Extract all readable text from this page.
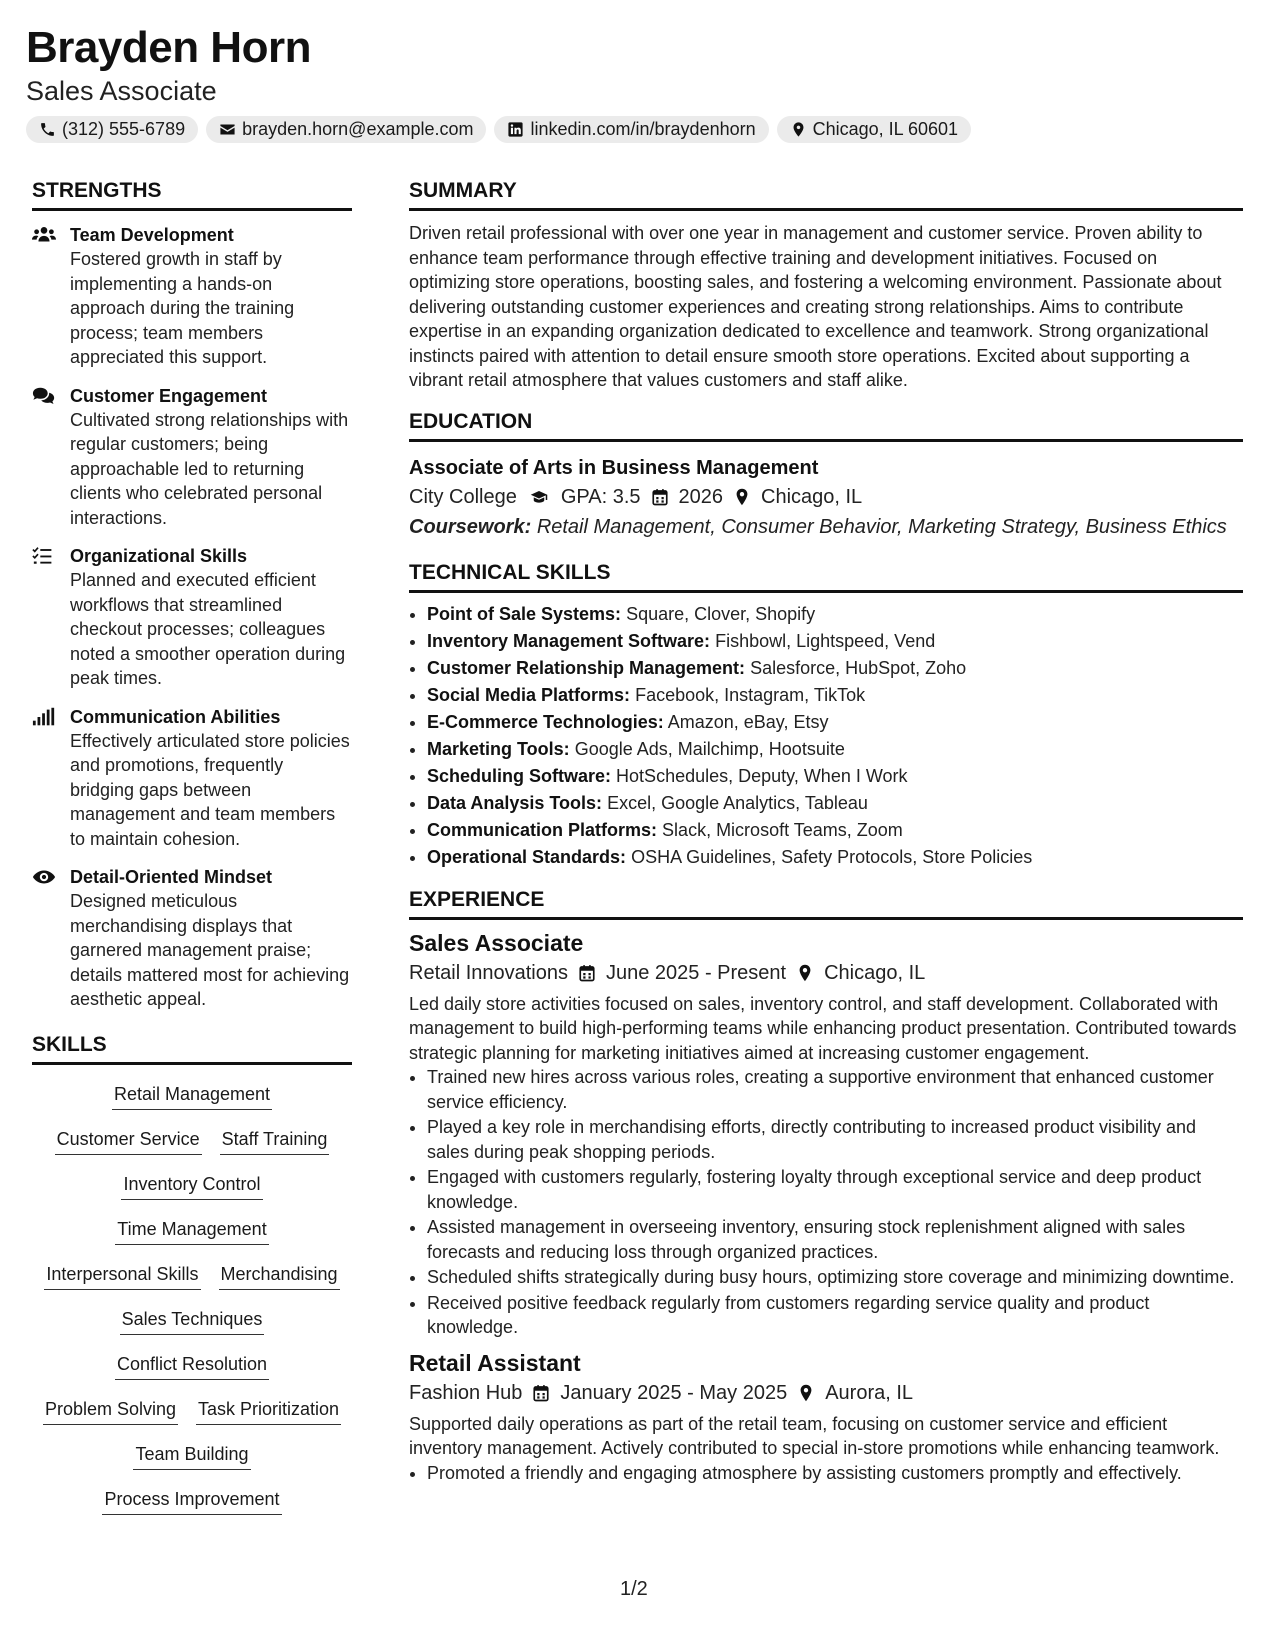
Brayden Horn
Sales Associate
(312) 555-6789	brayden.horn@example.com	linkedin.com/in/braydenhorn	Chicago, IL 60601
STRENGTHS
Team Development
Fostered growth in staff by implementing a hands-on approach during the training process; team members appreciated this support.
Customer Engagement
Cultivated strong relationships with regular customers; being approachable led to returning clients who celebrated personal interactions.
Organizational Skills
Planned and executed efficient workflows that streamlined checkout processes; colleagues noted a smoother operation during peak times.
Communication Abilities
Effectively articulated store policies and promotions, frequently bridging gaps between management and team members to maintain cohesion.
Detail-Oriented Mindset
Designed meticulous merchandising displays that garnered management praise; details mattered most for achieving aesthetic appeal.
SKILLS
Retail Management
Customer Service Staff Training
Inventory Control
Time Management
Interpersonal Skills Merchandising
Sales Techniques
Conflict Resolution
Problem Solving Task Prioritization
Team Building
Process Improvement
SUMMARY
Driven retail professional with over one year in management and customer service. Proven ability to enhance team performance through effective training and development initiatives. Focused on optimizing store operations, boosting sales, and fostering a welcoming environment. Passionate about delivering outstanding customer experiences and creating strong relationships. Aims to contribute expertise in an expanding organization dedicated to excellence and teamwork. Strong organizational instincts paired with attention to detail ensure smooth store operations. Excited about supporting a vibrant retail atmosphere that values customers and staff alike.
EDUCATION
Associate of Arts in Business Management
City College GPA: 3.5 2026 Chicago, IL
Coursework: Retail Management, Consumer Behavior, Marketing Strategy, Business Ethics
TECHNICAL SKILLS
• Point of Sale Systems: Square, Clover, Shopify
• Inventory Management Software: Fishbowl, Lightspeed, Vend
• Customer Relationship Management: Salesforce, HubSpot, Zoho
• Social Media Platforms: Facebook, Instagram, TikTok
• E-Commerce Technologies: Amazon, eBay, Etsy
• Marketing Tools: Google Ads, Mailchimp, Hootsuite
• Scheduling Software: HotSchedules, Deputy, When I Work
• Data Analysis Tools: Excel, Google Analytics, Tableau
• Communication Platforms: Slack, Microsoft Teams, Zoom
• Operational Standards: OSHA Guidelines, Safety Protocols, Store Policies
EXPERIENCE
Sales Associate
Retail Innovations June 2025 - Present Chicago, IL
Led daily store activities focused on sales, inventory control, and staff development. Collaborated with management to build high-performing teams while enhancing product presentation. Contributed towards strategic planning for marketing initiatives aimed at increasing customer engagement.
• Trained new hires across various roles, creating a supportive environment that enhanced customer service efficiency.
• Played a key role in merchandising efforts, directly contributing to increased product visibility and sales during peak shopping periods.
• Engaged with customers regularly, fostering loyalty through exceptional service and deep product knowledge.
• Assisted management in overseeing inventory, ensuring stock replenishment aligned with sales forecasts and reducing loss through organized practices.
• Scheduled shifts strategically during busy hours, optimizing store coverage and minimizing downtime.
• Received positive feedback regularly from customers regarding service quality and product knowledge.
Retail Assistant
Fashion Hub January 2025 - May 2025 Aurora, IL
Supported daily operations as part of the retail team, focusing on customer service and efficient inventory management. Actively contributed to special in-store promotions while enhancing teamwork.
• Promoted a friendly and engaging atmosphere by assisting customers promptly and effectively.
1/2
